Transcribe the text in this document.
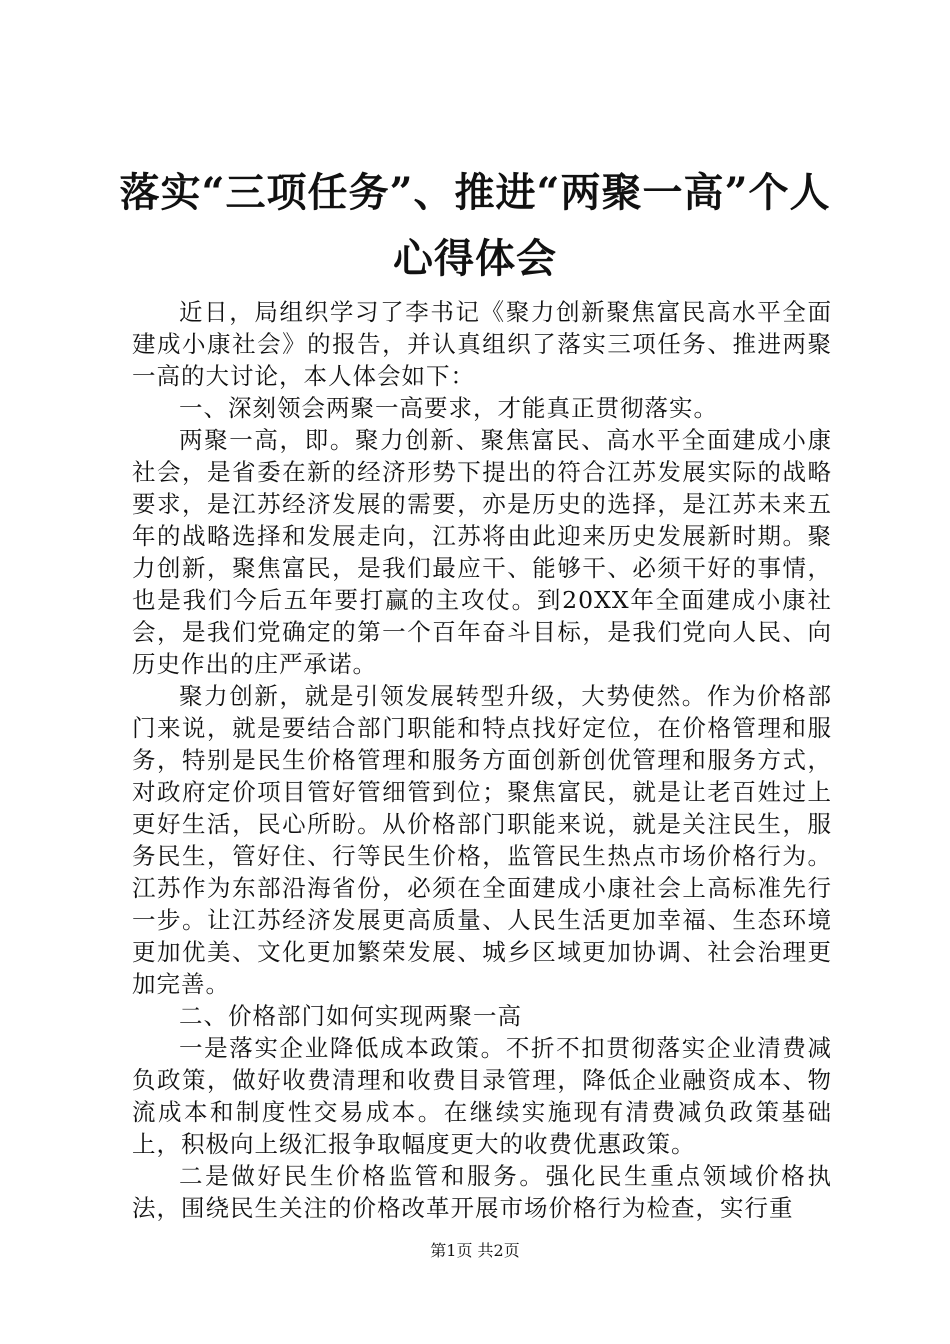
落实“三项任务”、推进“两聚一高”个人心得体会

近日，局组织学习了李书记《聚力创新聚焦富民高水平全面建成小康社会》的报告，并认真组织了落实三项任务、推进两聚一高的大讨论，本人体会如下：

一、深刻领会两聚一高要求，才能真正贯彻落实。

两聚一高，即。聚力创新、聚焦富民、高水平全面建成小康社会，是省委在新的经济形势下提出的符合江苏发展实际的战略要求，是江苏经济发展的需要，亦是历史的选择，是江苏未来五年的战略选择和发展走向，江苏将由此迎来历史发展新时期。聚力创新，聚焦富民，是我们最应干、能够干、必须干好的事情，也是我们今后五年要打赢的主攻仗。到20XX年全面建成小康社会，是我们党确定的第一个百年奋斗目标，是我们党向人民、向历史作出的庄严承诺。

聚力创新，就是引领发展转型升级，大势使然。作为价格部门来说，就是要结合部门职能和特点找好定位，在价格管理和服务，特别是民生价格管理和服务方面创新创优管理和服务方式，对政府定价项目管好管细管到位；聚焦富民，就是让老百姓过上更好生活，民心所盼。从价格部门职能来说，就是关注民生，服务民生，管好住、行等民生价格，监管民生热点市场价格行为。江苏作为东部沿海省份，必须在全面建成小康社会上高标准先行一步。让江苏经济发展更高质量、人民生活更加幸福、生态环境更加优美、文化更加繁荣发展、城乡区域更加协调、社会治理更加完善。

二、价格部门如何实现两聚一高

一是落实企业降低成本政策。不折不扣贯彻落实企业清费减负政策，做好收费清理和收费目录管理，降低企业融资成本、物流成本和制度性交易成本。在继续实施现有清费减负政策基础上，积极向上级汇报争取幅度更大的收费优惠政策。

二是做好民生价格监管和服务。强化民生重点领域价格执法，围绕民生关注的价格改革开展市场价格行为检查，实行重

第1页 共2页
